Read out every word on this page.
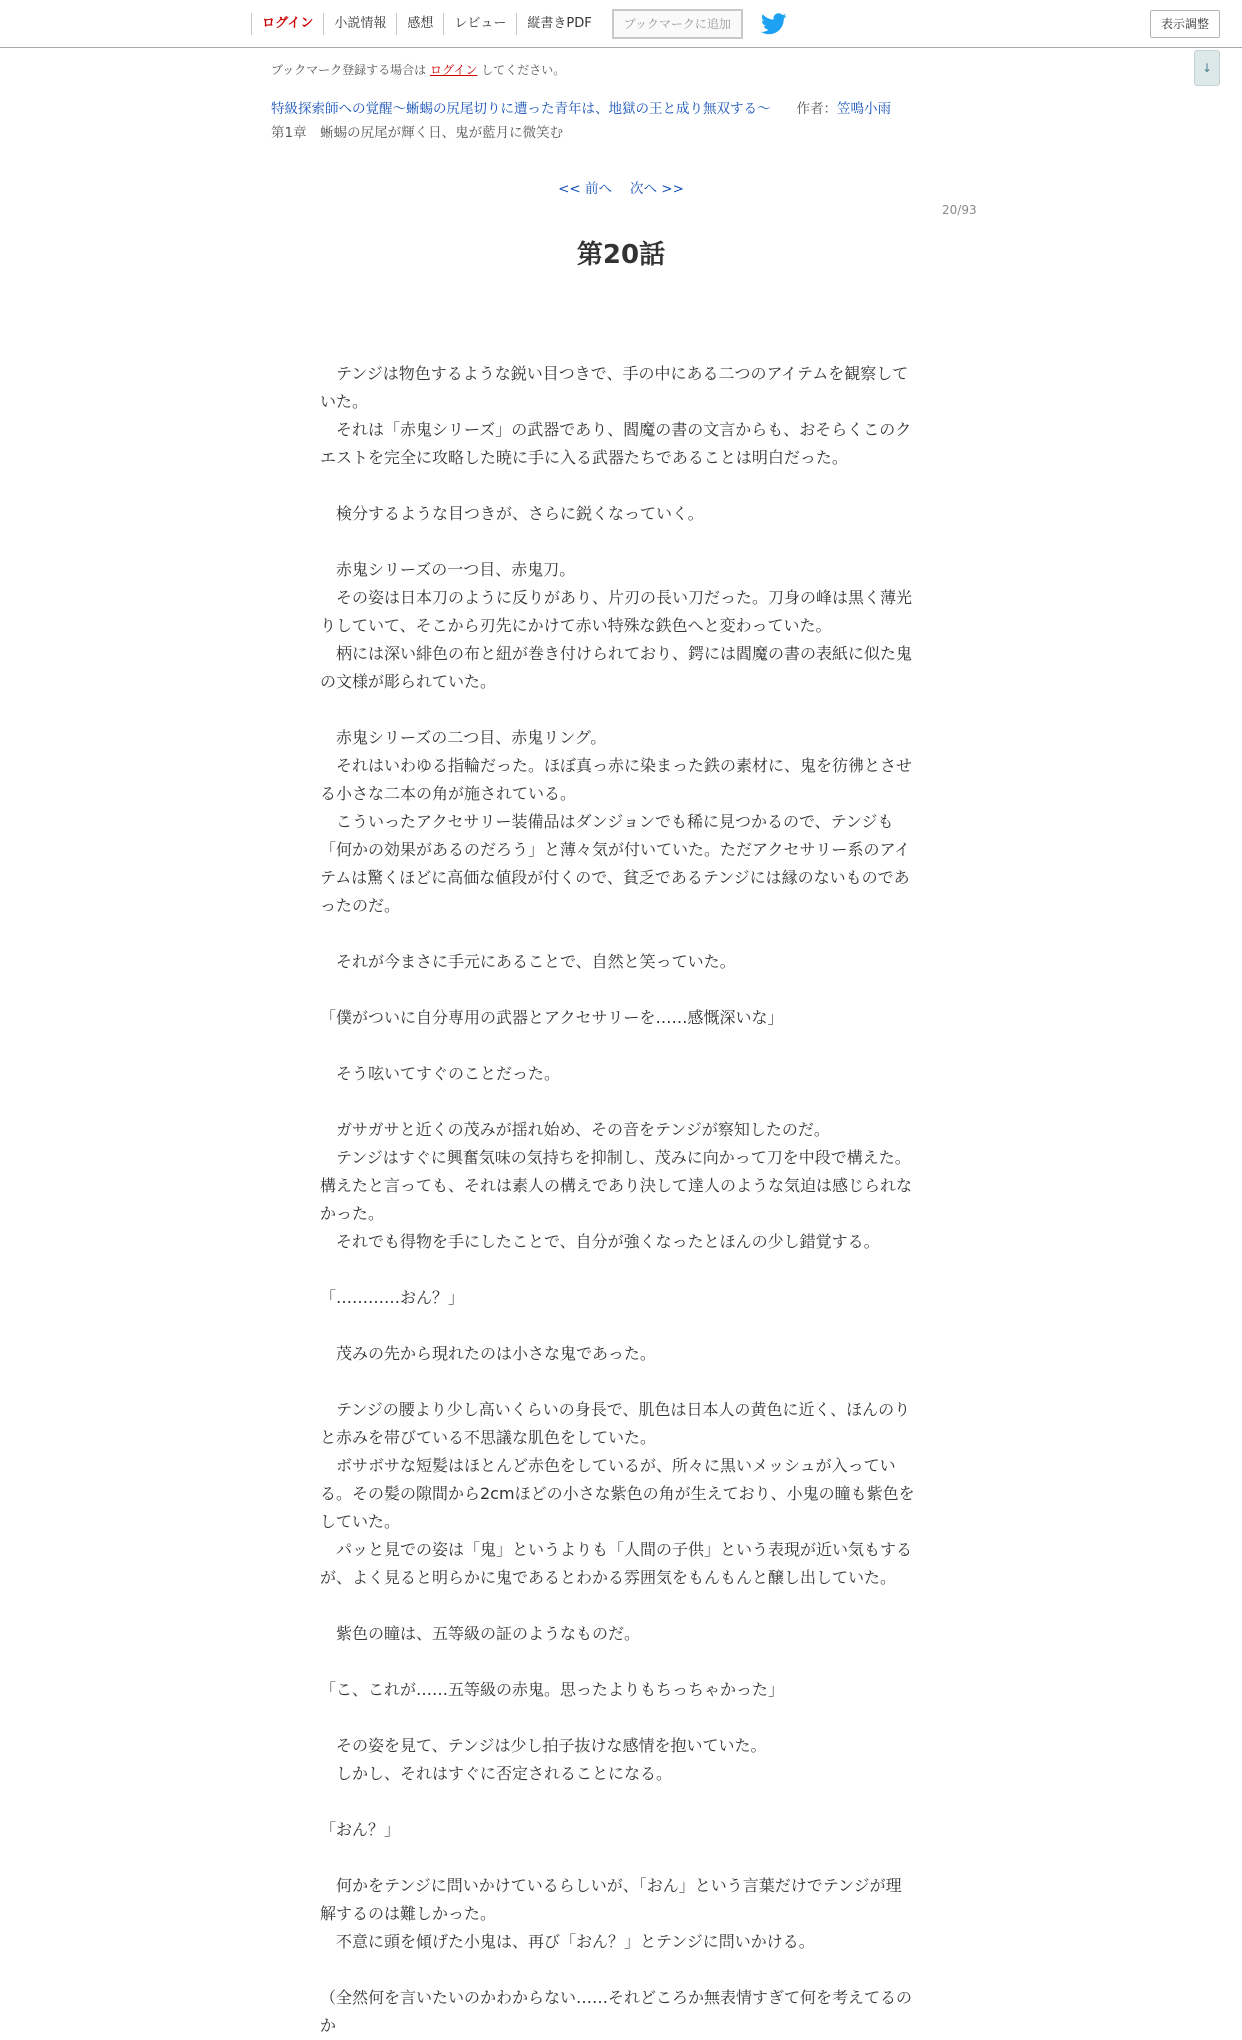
ログイン	小説情報	感想	レビュー	縦書きPDF	ブックマークに追加	表示調整
ブックマーク登録する場合は ログイン してください。	↓
特級探索師への覚醒～蜥蜴の尻尾切りに遭った青年は、地獄の王と成り無双する～ 作者：笠鳴小雨
第1章　蜥蜴の尻尾が輝く日、鬼が藍月に微笑む
<< 前へ 次へ >>
20/93
第20話

　テンジは物色するような鋭い目つきで、手の中にある二つのアイテムを観察していた。

　それは「赤鬼シリーズ」の武器であり、閻魔の書の文言からも、おそらくこのクエストを完全に攻略した暁に手に入る武器たちであることは明白だった。

　検分するような目つきが、さらに鋭くなっていく。

　赤鬼シリーズの一つ目、赤鬼刀。

　その姿は日本刀のように反りがあり、片刃の長い刀だった。刀身の峰は黒く薄光りしていて、そこから刃先にかけて赤い特殊な鉄色へと変わっていた。

　柄には深い緋色の布と紐が巻き付けられており、鍔には閻魔の書の表紙に似た鬼の文様が彫られていた。

　赤鬼シリーズの二つ目、赤鬼リング。

　それはいわゆる指輪だった。ほぼ真っ赤に染まった鉄の素材に、鬼を彷彿とさせる小さな二本の角が施されている。

　こういったアクセサリー装備品はダンジョンでも稀に見つかるので、テンジも「何かの効果があるのだろう」と薄々気が付いていた。ただアクセサリー系のアイテムは驚くほどに高価な値段が付くので、貧乏であるテンジには縁のないものであったのだ。

　それが今まさに手元にあることで、自然と笑っていた。

「僕がついに自分専用の武器とアクセサリーを……感慨深いな」

　そう呟いてすぐのことだった。

　ガサガサと近くの茂みが揺れ始め、その音をテンジが察知したのだ。

　テンジはすぐに興奮気味の気持ちを抑制し、茂みに向かって刀を中段で構えた。構えたと言っても、それは素人の構えであり決して達人のような気迫は感じられなかった。

　それでも得物を手にしたことで、自分が強くなったとほんの少し錯覚する。

「…………おん？」

　茂みの先から現れたのは小さな鬼であった。

　テンジの腰より少し高いくらいの身長で、肌色は日本人の黄色に近く、ほんのりと赤みを帯びている不思議な肌色をしていた。

　ボサボサな短髪はほとんど赤色をしているが、所々に黒いメッシュが入っている。その髪の隙間から2cmほどの小さな紫色の角が生えており、小鬼の瞳も紫色をしていた。

　パッと見での姿は「鬼」というよりも「人間の子供」という表現が近い気もするが、よく見ると明らかに鬼であるとわかる雰囲気をもんもんと醸し出していた。

　紫色の瞳は、五等級の証のようなものだ。

「こ、これが……五等級の赤鬼。思ったよりもちっちゃかった」

　その姿を見て、テンジは少し拍子抜けな感情を抱いていた。

　しかし、それはすぐに否定されることになる。

「おん？」

　何かをテンジに問いかけているらしいが、「おん」という言葉だけでテンジが理解するのは難しかった。

　不意に頭を傾げた小鬼は、再び「おん？」とテンジに問いかける。

（全然何を言いたいのかわからない……それどころか無表情すぎて何を考えてるのか
